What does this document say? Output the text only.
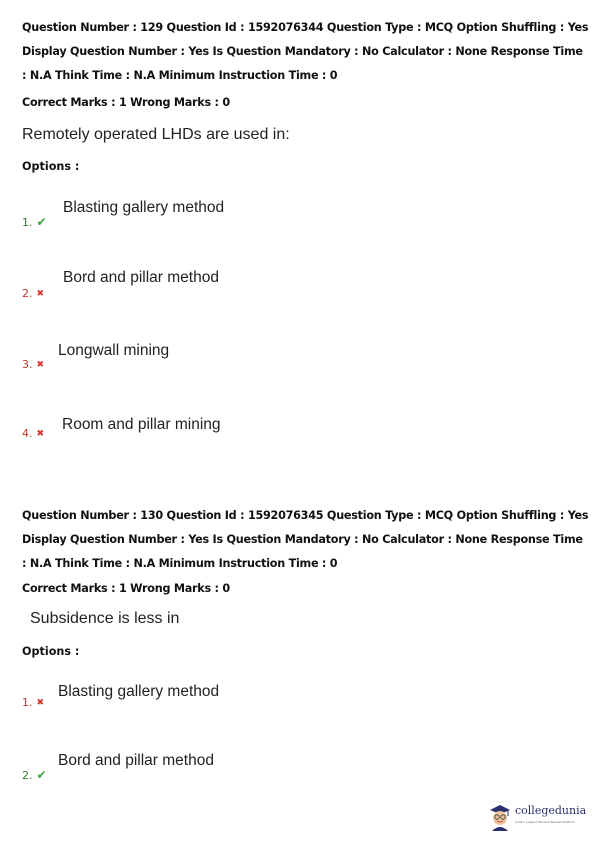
Question Number : 129 Question Id : 1592076344 Question Type : MCQ Option Shuffling : Yes
Display Question Number : Yes Is Question Mandatory : No Calculator : None Response Time
: N.A Think Time : N.A Minimum Instruction Time : 0
Correct Marks : 1 Wrong Marks : 0
Remotely operated LHDs are used in:
Options :
Blasting gallery method
1. ✔
Bord and pillar method
2. ✖
Longwall mining
3. ✖
Room and pillar mining
4. ✖
Question Number : 130 Question Id : 1592076345 Question Type : MCQ Option Shuffling : Yes
Display Question Number : Yes Is Question Mandatory : No Calculator : None Response Time
: N.A Think Time : N.A Minimum Instruction Time : 0
Correct Marks : 1 Wrong Marks : 0
Subsidence is less in
Options :
Blasting gallery method
1. ✖
Bord and pillar method
2. ✔
collegedunia
India's Largest Student Review Platform
